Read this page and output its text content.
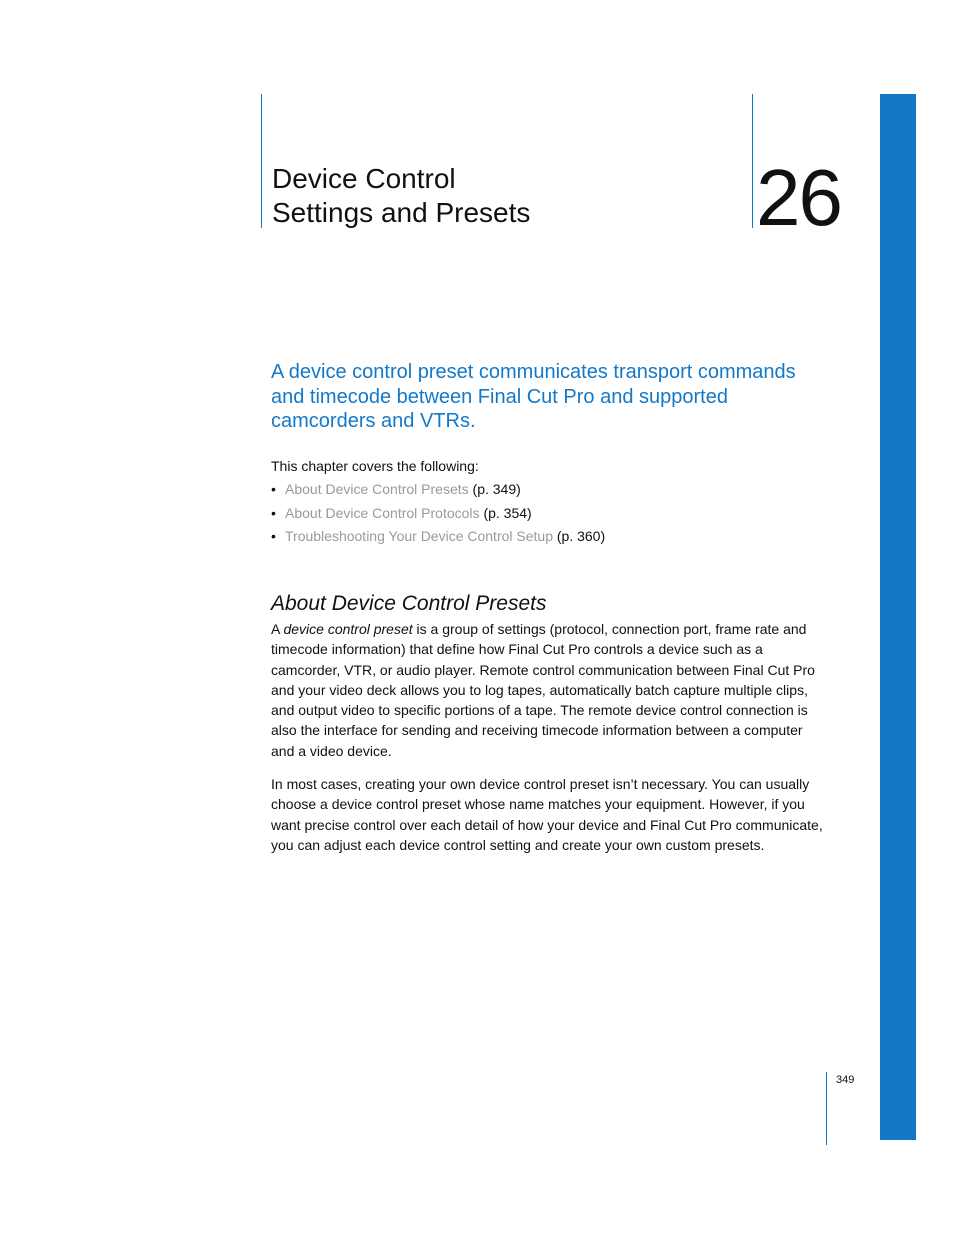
Device Control
Settings and Presets	26

A device control preset communicates transport commands and timecode between Final Cut Pro and supported camcorders and VTRs.

This chapter covers the following:

• About Device Control Presets (p. 349)
• About Device Control Protocols (p. 354)
• Troubleshooting Your Device Control Setup (p. 360)
About Device Control Presets

A device control preset is a group of settings (protocol, connection port, frame rate and timecode information) that define how Final Cut Pro controls a device such as a camcorder, VTR, or audio player. Remote control communication between Final Cut Pro and your video deck allows you to log tapes, automatically batch capture multiple clips, and output video to specific portions of a tape. The remote device control connection is also the interface for sending and receiving timecode information between a computer and a video device.

In most cases, creating your own device control preset isn’t necessary. You can usually choose a device control preset whose name matches your equipment. However, if you want precise control over each detail of how your device and Final Cut Pro communicate, you can adjust each device control setting and create your own custom presets.

349
